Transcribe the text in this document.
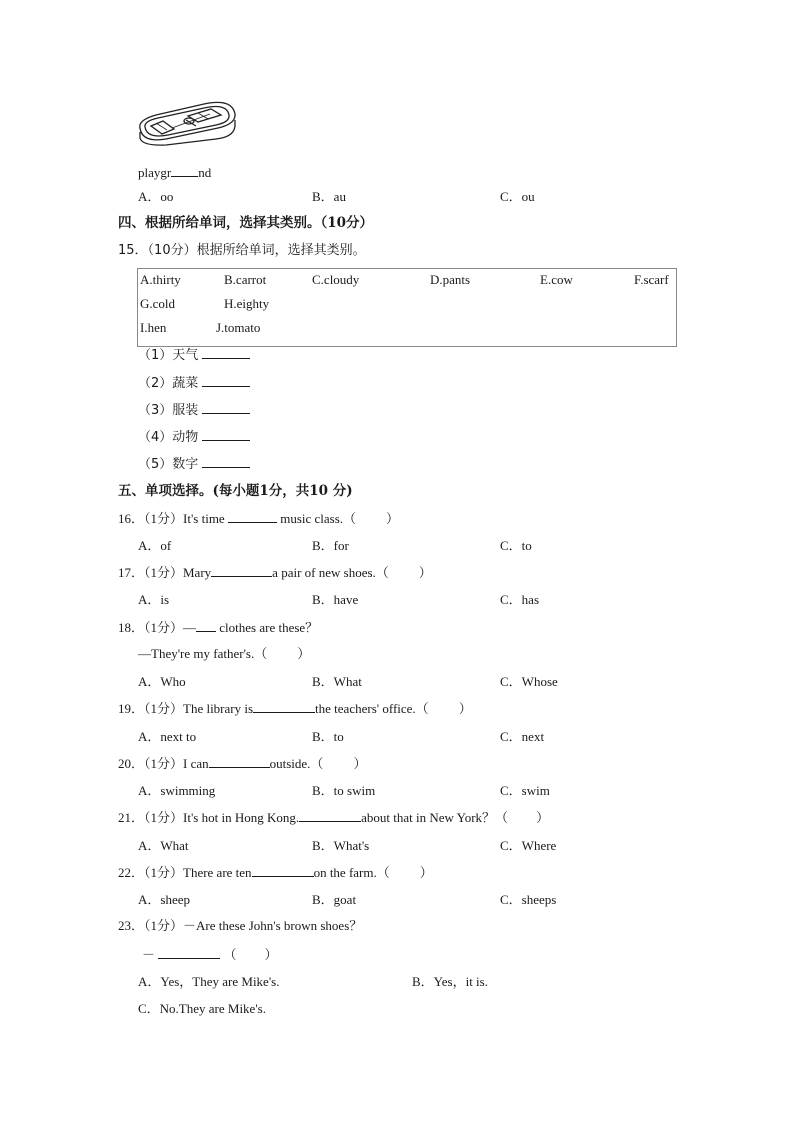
playgr nd
A．oo	B．au	C．ou
四、根据所给单词，选择其类别。（10分）
15．（10分）根据所给单词，选择其类别。
A.thirty	B.carrot	C.cloudy	D.pants	E.cow	F.scarf
G.cold	H.eighty
I.hen	J.tomato
（1）天气
（2）蔬菜
（3）服装
（4）动物
（5）数字
五、单项选择。(每小题1分，共10 分)
16．（1分）It's time	music class.（ ）
A．of	B．for	C．to
17．（1分）Mary	a pair of new shoes.（ ）
A．is	B．have	C．has
18．（1分）— clothes are these？
—They're my father's.（ ）
A．Who	B．What	C．Whose
19．（1分）The library is	the teachers' office.（ ）
A．next to	B．to	C．next
20．（1分）I can	outside.（ ）
A．swimming	B．to swim	C．swim
21．（1分）It's hot in Hong Kong.	about that in New York？（ ）
A．What	B．What's	C．Where
22．（1分）There are ten	on the farm.（ ）
A．sheep	B．goat	C．sheeps
23．（1分）－Are these John's brown shoes？
－	（ ）
A．Yes，They are Mike's.	B．Yes，it is.
C．No.They are Mike's.
